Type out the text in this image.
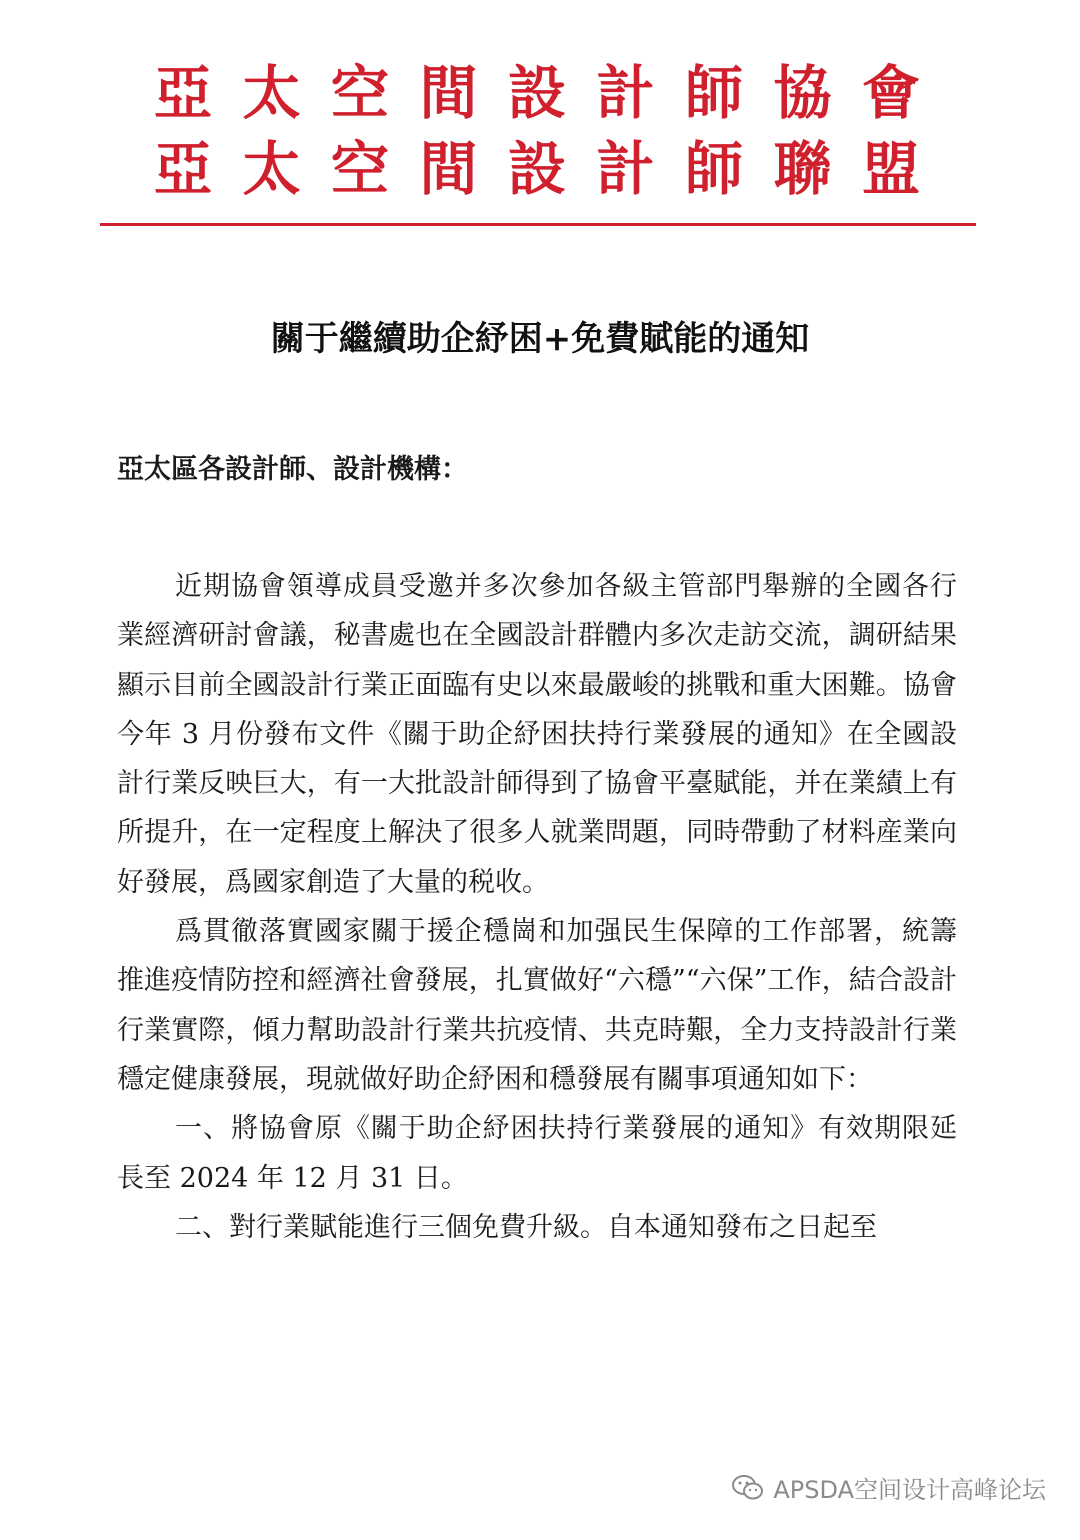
亞 太 空 間 設 計 師 協 會
亞 太 空 間 設 計 師 聯 盟
關于繼續助企紓困+免費賦能的通知
亞太區各設計師、設計機構：

近期協會領導成員受邀并多次參加各級主管部門舉辦的全國各行業經濟研討會議，秘書處也在全國設計群體内多次走訪交流，調研結果顯示目前全國設計行業正面臨有史以來最嚴峻的挑戰和重大困難。協會今年 3 月份發布文件《關于助企紓困扶持行業發展的通知》在全國設計行業反映巨大，有一大批設計師得到了協會平臺賦能，并在業績上有所提升，在一定程度上解決了很多人就業問題，同時帶動了材料産業向好發展，爲國家創造了大量的税收。

爲貫徹落實國家關于援企穩崗和加强民生保障的工作部署，統籌推進疫情防控和經濟社會發展，扎實做好“六穩”“六保”工作，結合設計行業實際，傾力幫助設計行業共抗疫情、共克時艱，全力支持設計行業穩定健康發展，現就做好助企紓困和穩發展有關事項通知如下：

一、將協會原《關于助企紓困扶持行業發展的通知》有效期限延長至 2024 年 12 月 31 日。

二、對行業賦能進行三個免費升級。自本通知發布之日起至

APSDA空间设计高峰论坛
